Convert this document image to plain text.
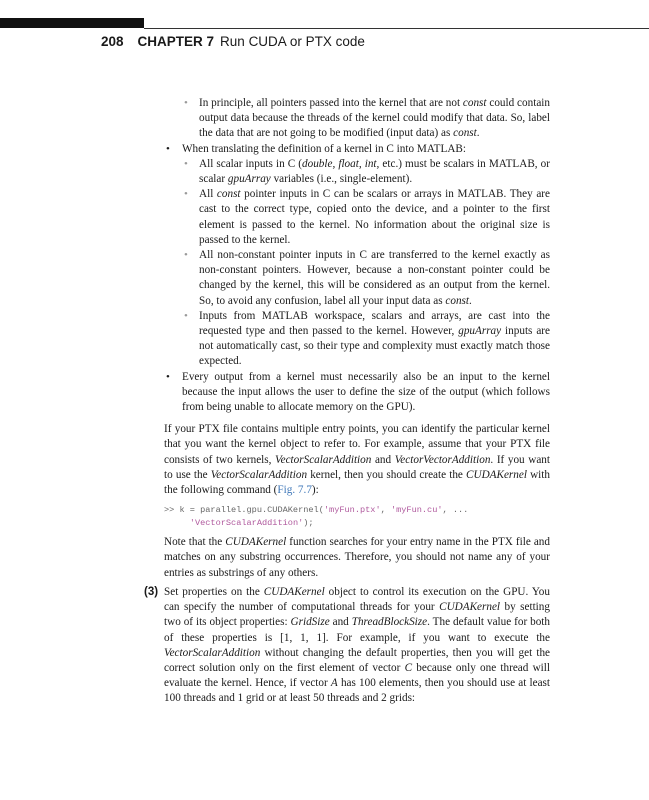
208 CHAPTER 7 Run CUDA or PTX code
• In principle, all pointers passed into the kernel that are not const could contain output data because the threads of the kernel could modify that data. So, label the data that are not going to be modified (input data) as const.
• When translating the definition of a kernel in C into MATLAB:
• All scalar inputs in C (double, float, int, etc.) must be scalars in MATLAB, or scalar gpuArray variables (i.e., single-element).
• All const pointer inputs in C can be scalars or arrays in MATLAB. They are cast to the correct type, copied onto the device, and a pointer to the first element is passed to the kernel. No information about the original size is passed to the kernel.
• All non-constant pointer inputs in C are transferred to the kernel exactly as non-constant pointers. However, because a non-constant pointer could be changed by the kernel, this will be considered as an output from the kernel. So, to avoid any confusion, label all your input data as const.
• Inputs from MATLAB workspace, scalars and arrays, are cast into the requested type and then passed to the kernel. However, gpuArray inputs are not automatically cast, so their type and complexity must exactly match those expected.
• Every output from a kernel must necessarily also be an input to the kernel because the input allows the user to define the size of the output (which follows from being unable to allocate memory on the GPU).

If your PTX file contains multiple entry points, you can identify the particular kernel that you want the kernel object to refer to. For example, assume that your PTX file consists of two kernels, VectorScalarAddition and VectorVectorAddition. If you want to use the VectorScalarAddition kernel, then you should create the CUDAKernel with the following command (Fig. 7.7):

>> k = parallel.gpu.CUDAKernel('myFun.ptx', 'myFun.cu', ...
'VectorScalarAddition');

Note that the CUDAKernel function searches for your entry name in the PTX file and matches on any substring occurrences. Therefore, you should not name any of your entries as substrings of any others.

(3) Set properties on the CUDAKernel object to control its execution on the GPU. You can specify the number of computational threads for your CUDAKernel by setting two of its object properties: GridSize and ThreadBlockSize. The default value for both of these properties is [1, 1, 1]. For example, if you want to execute the VectorScalarAddition without changing the default properties, then you will get the correct solution only on the first element of vector C because only one thread will evaluate the kernel. Hence, if vector A has 100 elements, then you should use at least 100 threads and 1 grid or at least 50 threads and 2 grids:
